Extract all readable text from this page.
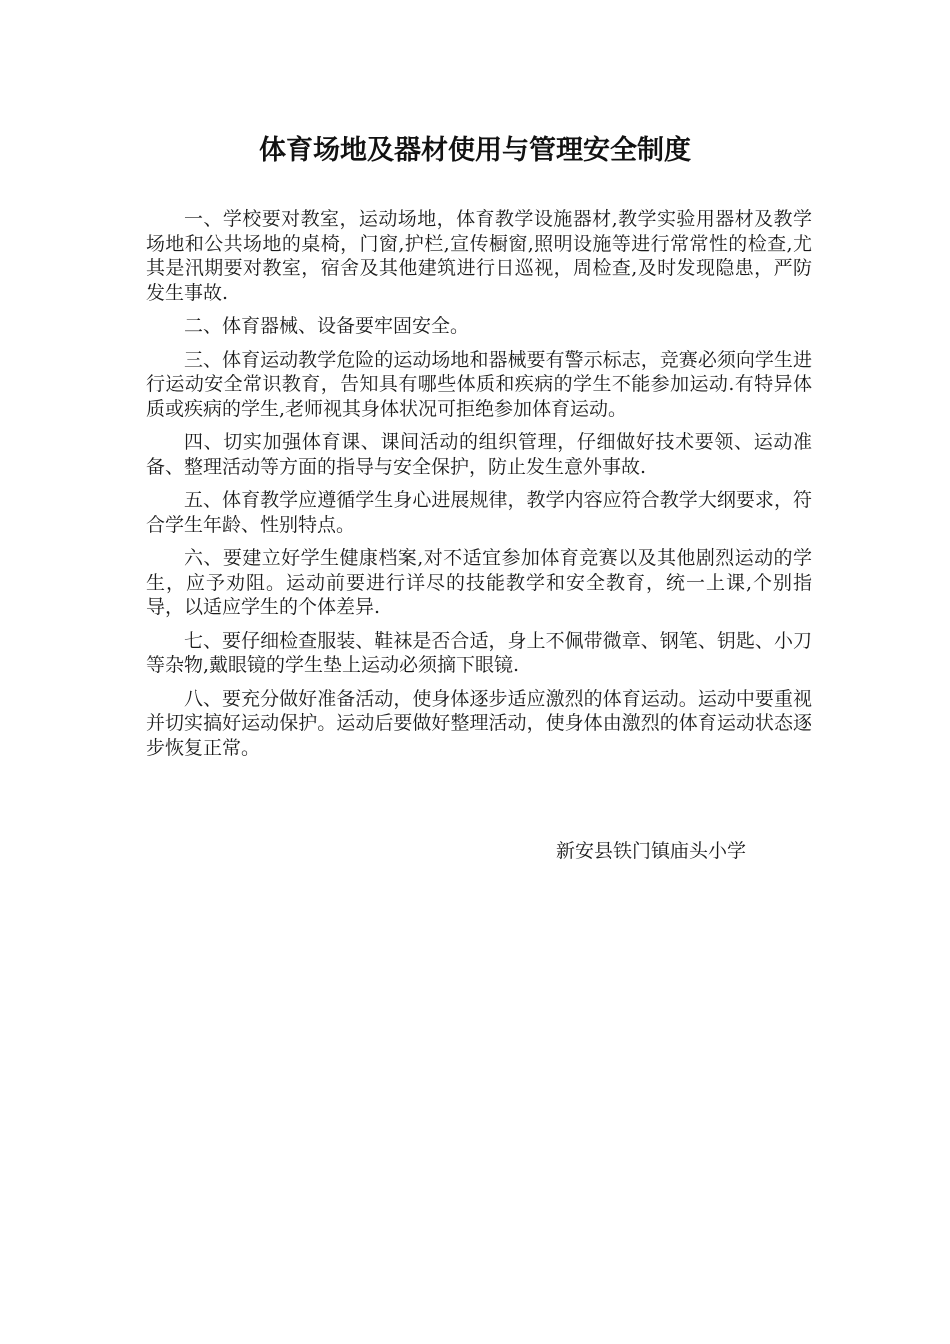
体育场地及器材使用与管理安全制度

一、学校要对教室，运动场地，体育教学设施器材,教学实验用器材及教学场地和公共场地的桌椅，门窗,护栏,宣传橱窗,照明设施等进行常常性的检查,尤其是汛期要对教室，宿舍及其他建筑进行日巡视，周检查,及时发现隐患，严防发生事故.

二、体育器械、设备要牢固安全。

三、体育运动教学危险的运动场地和器械要有警示标志，竞赛必须向学生进行运动安全常识教育，告知具有哪些体质和疾病的学生不能参加运动.有特异体质或疾病的学生,老师视其身体状况可拒绝参加体育运动。

四、切实加强体育课、课间活动的组织管理，仔细做好技术要领、运动准备、整理活动等方面的指导与安全保护，防止发生意外事故.

五、体育教学应遵循学生身心进展规律，教学内容应符合教学大纲要求，符合学生年龄、性别特点。

六、要建立好学生健康档案,对不适宜参加体育竞赛以及其他剧烈运动的学生，应予劝阻。运动前要进行详尽的技能教学和安全教育，统一上课,个别指导，以适应学生的个体差异.

七、要仔细检查服装、鞋袜是否合适，身上不佩带微章、钢笔、钥匙、小刀等杂物,戴眼镜的学生垫上运动必须摘下眼镜.

八、要充分做好准备活动，使身体逐步适应激烈的体育运动。运动中要重视并切实搞好运动保护。运动后要做好整理活动，使身体由激烈的体育运动状态逐步恢复正常。

新安县铁门镇庙头小学
